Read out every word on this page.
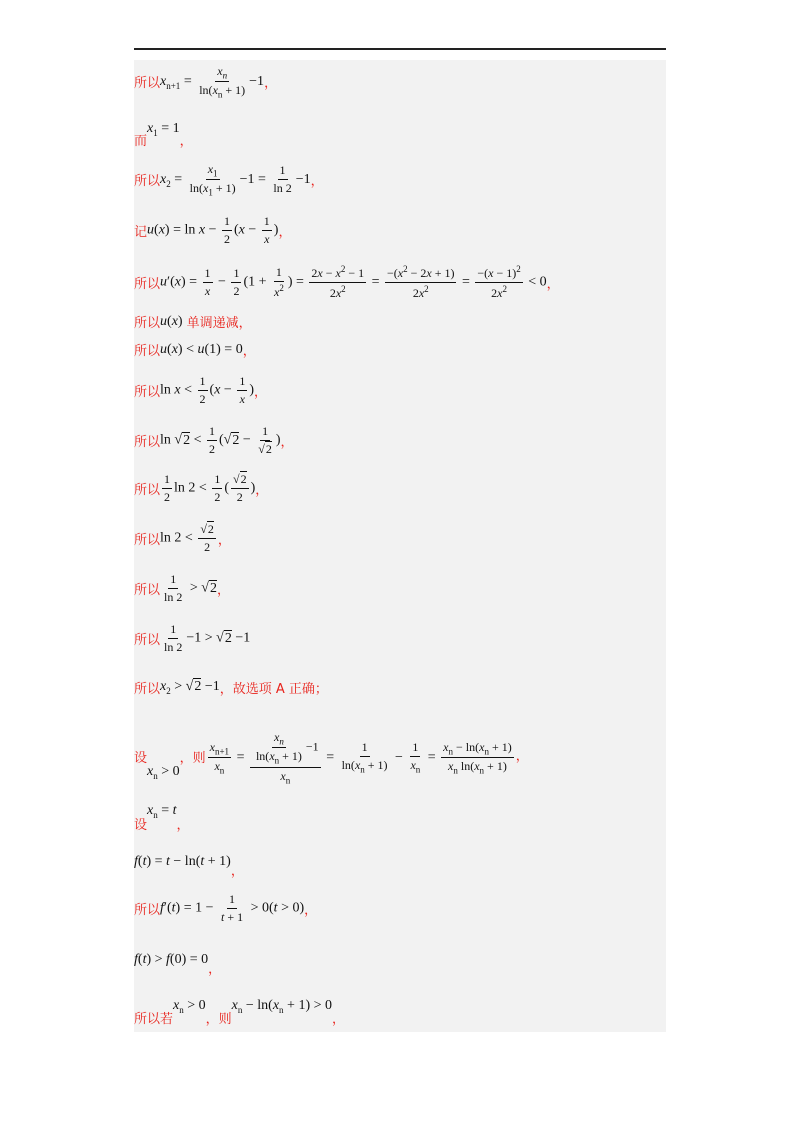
所以 $x_{n+1} = \frac{x_n}{\ln(x_n + 1)} -1$ ，
而
$x_1 = 1$
，
所以 $x_2 = \frac{x_1}{\ln(x_1 + 1)} -1 = \frac{1}{\ln 2} -1$ ，
记 $u(x) = \ln x - \frac{1}{2} (x - \frac{1}{x}$ ) ，
所以 $u'(x) = \frac{1}{x} - \frac{1}{2} (1 + \frac{1}{x^2}$ ) = $\frac{2x - x^2 - 1}{2x^2} = \frac{-(x^2 - 2x + 1)}{2x^2} = \frac{-(x - 1)^2}{2x^2} < 0$ ，
所以 u(x) 单调递减，
所以 u(x) < u(1) = 0 ，
所以 $\ln x < \frac{1}{2} (x - \frac{1}{x}$ ) ，
所以 $\ln √2 < \frac{1}{2} (√2 - \frac{1}{√2}$ ) ，
所以 $\frac{1}{2}$ $\ln 2 < \frac{1}{2}$ ( $\frac{√2}{2}$ ) ，
所以 $\ln 2 < \frac{√2}{2}$ ，
所以 $\frac{1}{\ln 2} > √2$ ，
所以 $\frac{1}{\ln 2} -1 > √2 -1$
所以 $x_2 > √2 -1$ ，故选项 A 正确；
设
$x_n > 0$
，则 $\frac{x_{n+1}}{x_n} = \frac{\frac{x_n}{\ln(x_n + 1)} -1}{x_n} = \frac{1}{\ln(x_n + 1)} - \frac{1}{x_n} = \frac{x_n - \ln(x_n + 1)}{x_n \ln(x_n + 1)}$ ，
设
$x_n = t$
，
f(t) = t − ln(t + 1)
，
所以 $f'(t) = 1 - \frac{1}{t + 1} > 0(t > 0)$ ，
f(t) > f(0) = 0
，
所以若
$x_n > 0$
，则
$x_n - \ln(x_n + 1) > 0$
，
